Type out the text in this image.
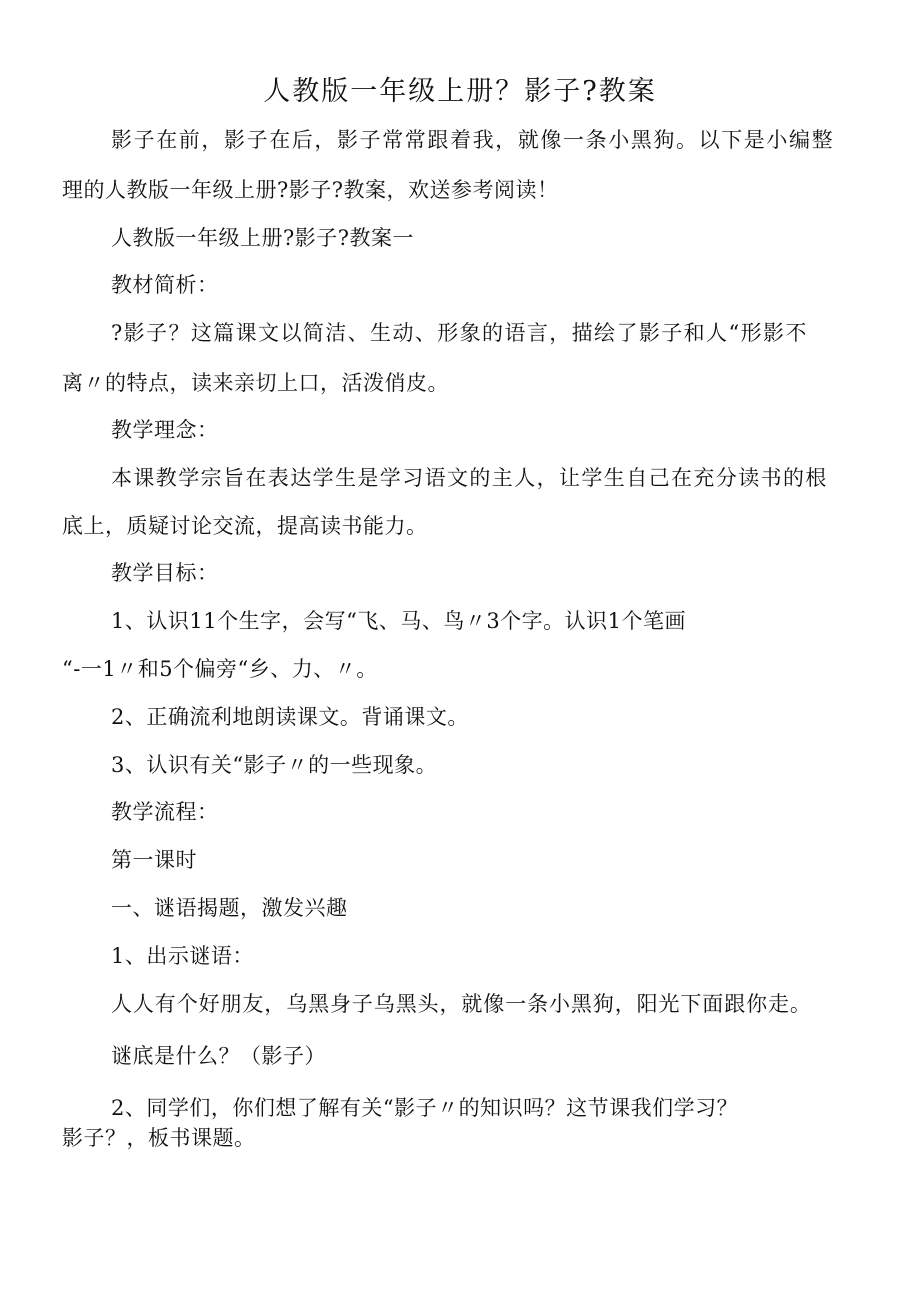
人教版一年级上册？影子?教案
影子在前，影子在后，影子常常跟着我，就像一条小黑狗。以下是小编整
理的人教版一年级上册?影子?教案，欢送参考阅读！
人教版一年级上册?影子?教案一
教材简析：
?影子？这篇课文以简洁、生动、形象的语言，描绘了影子和人“形影不
离〃的特点，读来亲切上口，活泼俏皮。
教学理念：
本课教学宗旨在表达学生是学习语文的主人，让学生自己在充分读书的根
底上，质疑讨论交流，提高读书能力。
教学目标：
1、认识11个生字，会写“飞、马、鸟〃3个字。认识1个笔画
“-一1〃和5个偏旁“乡、力、〃。
2、正确流利地朗读课文。背诵课文。
3、认识有关“影子〃的一些现象。
教学流程：
第一课时
一、谜语揭题，激发兴趣
1、出示谜语：
人人有个好朋友，乌黑身子乌黑头，就像一条小黑狗，阳光下面跟你走。
谜底是什么？（影子）
2、同学们，你们想了解有关“影子〃的知识吗？这节课我们学习？
影子？，板书课题。
